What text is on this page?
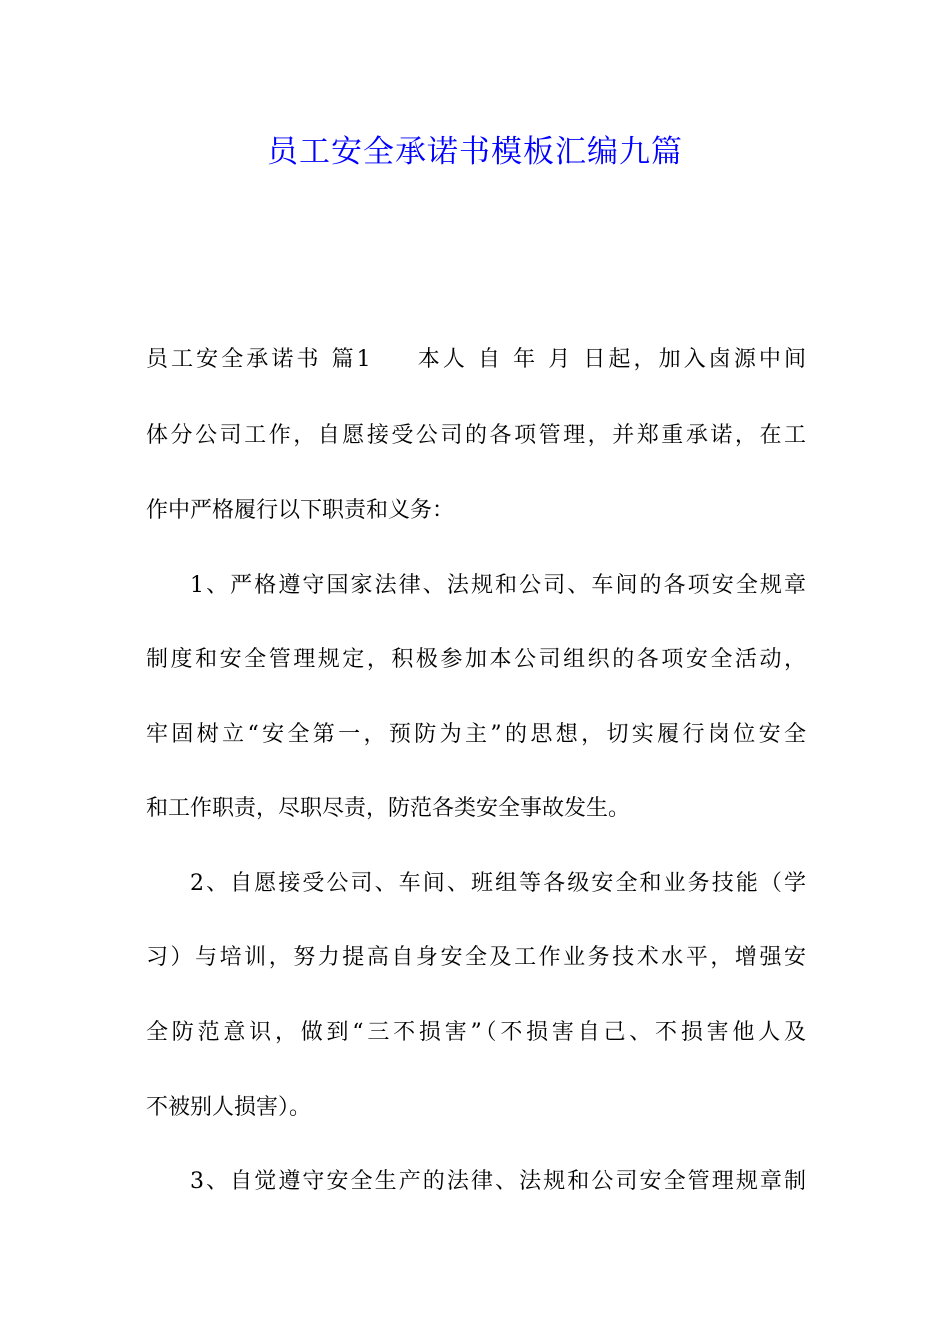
员工安全承诺书模板汇编九篇
员工安全承诺书 篇1 本人 自 年 月 日起，加入卤源中间
体分公司工作，自愿接受公司的各项管理，并郑重承诺，在工
作中严格履行以下职责和义务：
1、严格遵守国家法律、法规和公司、车间的各项安全规章
制度和安全管理规定，积极参加本公司组织的各项安全活动，
牢固树立“安全第一，预防为主”的思想，切实履行岗位安全
和工作职责，尽职尽责，防范各类安全事故发生。
2、自愿接受公司、车间、班组等各级安全和业务技能（学
习）与培训，努力提高自身安全及工作业务技术水平，增强安
全防范意识，做到“三不损害”（不损害自己、不损害他人及
不被别人损害）。
3、自觉遵守安全生产的法律、法规和公司安全管理规章制
